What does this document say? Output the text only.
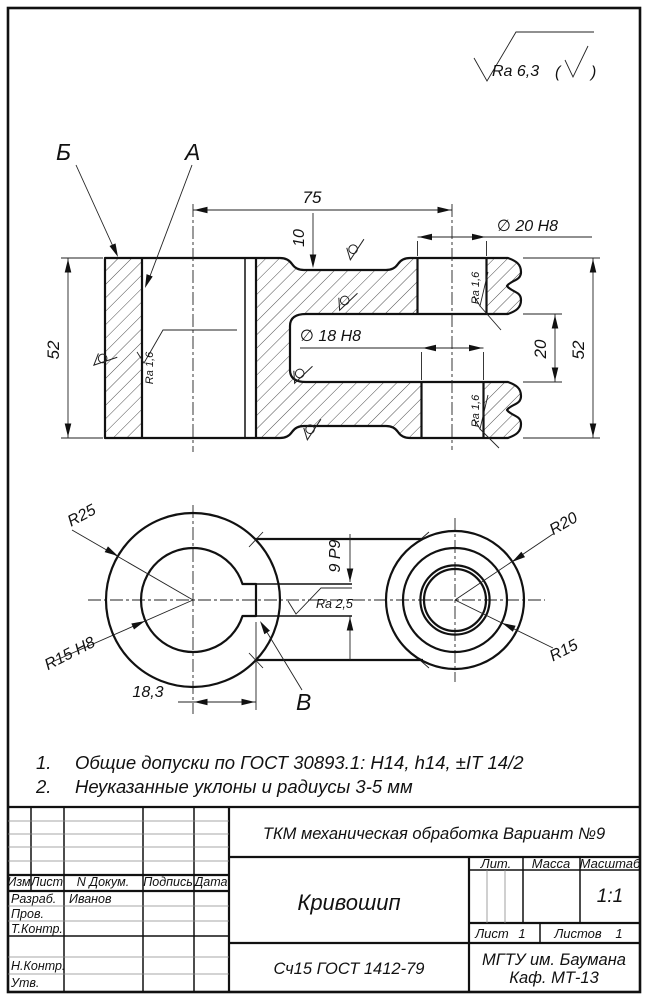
Ra 6,3 ( )
75
10
∅ 20 H8
∅ 18 H8
52	52
20
Б	А
Ra 1,6
Ra 1,6
Ra 1,6
R25
R15 H8
18,3
9 P9
Ra 2,5
В
R20
R15
1. Общие допуски по ГОСТ 30893.1: H14, h14, ±IT 14/2
2. Неуказанные уклоны и радиусы 3-5 мм
Изм Лист N Докум. Подпись Дата
Разраб. Иванов
Пров.
Т.Контр.
Н.Контр.
Утв.
ТКМ механическая обработка Вариант №9
Кривошип
Лит. Масса Масштаб
1:1
Лист 1 Листов 1
Сч15 ГОСТ 1412-79	МГТУ им. Баумана
Каф. МТ-13
